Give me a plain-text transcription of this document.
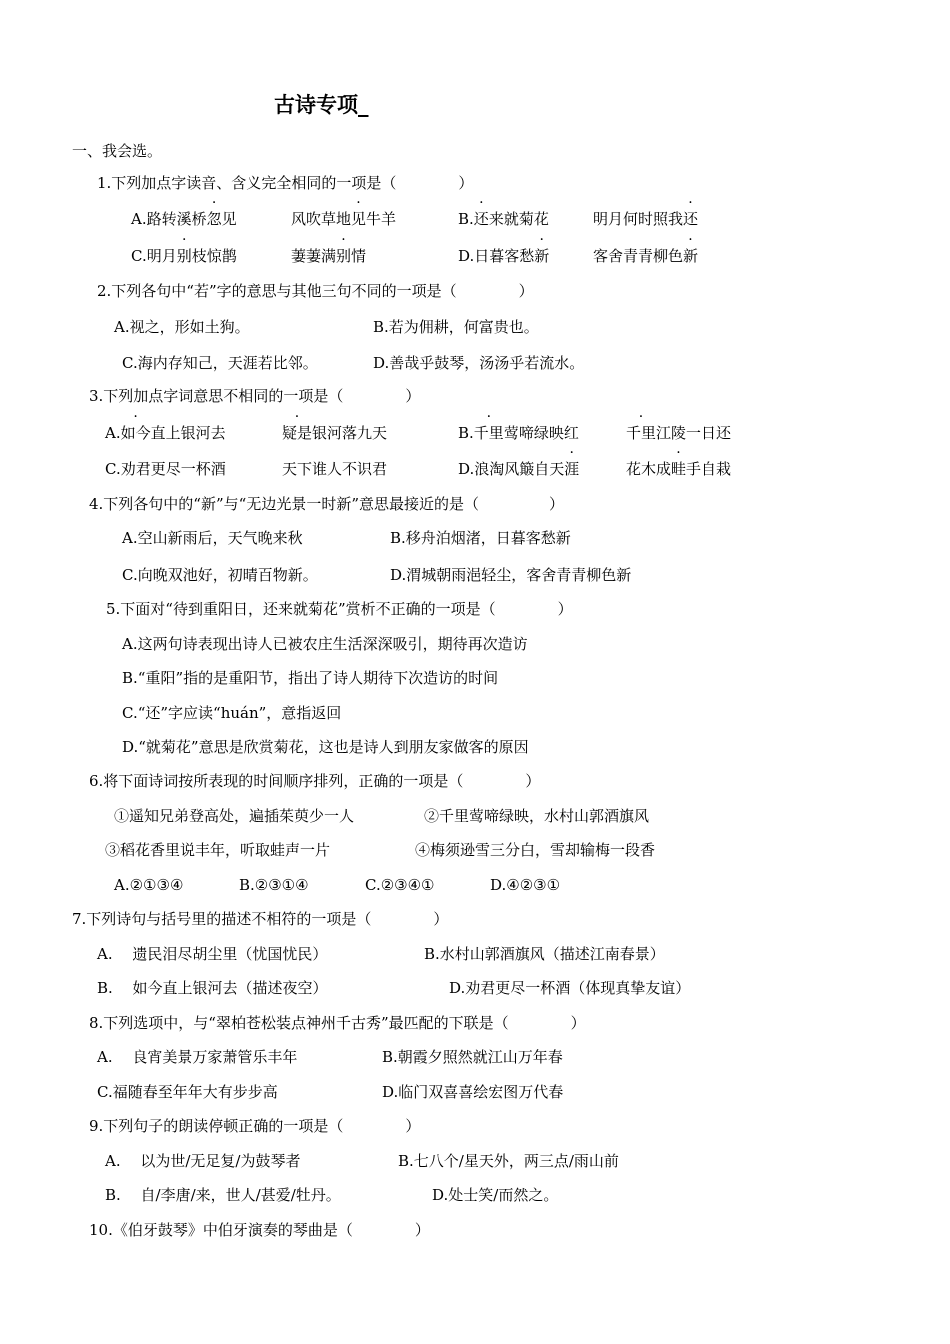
古诗专项_
一、我会选。
1.下列加点字读音、含义完全相同的一项是（	）
A.路转溪桥忽见	风吹草地见牛羊	B.还来就菊花	明月何时照我还
C.明月别枝惊鹊	萋萋满别情	D.日暮客愁新	客舍青青柳色新
2.下列各句中“若”字的意思与其他三句不同的一项是（	）
A.视之，形如土狗。	B.若为佣耕，何富贵也。
C.海内存知己，天涯若比邻。	D.善哉乎鼓琴，汤汤乎若流水。
3.下列加点字词意思不相同的一项是（	）
A.如今直上银河去	疑是银河落九天	B.千里莺啼绿映红	千里江陵一日还
C.劝君更尽一杯酒	天下谁人不识君	D.浪淘风簸自天涯	花木成畦手自栽
4.下列各句中的“新”与“无边光景一时新”意思最接近的是（	）
A.空山新雨后，天气晚来秋	B.移舟泊烟渚，日暮客愁新
C.向晚双池好，初晴百物新。	D.渭城朝雨浥轻尘，客舍青青柳色新
5.下面对“待到重阳日，还来就菊花”赏析不正确的一项是（	）
A.这两句诗表现出诗人已被农庄生活深深吸引，期待再次造访
B.“重阳”指的是重阳节，指出了诗人期待下次造访的时间
C.“还”字应读“huán”，意指返回
D.“就菊花”意思是欣赏菊花，这也是诗人到朋友家做客的原因
6.将下面诗词按所表现的时间顺序排列，正确的一项是（	）
①遥知兄弟登高处，遍插茱萸少一人	②千里莺啼绿映，水村山郭酒旗风
③稻花香里说丰年，听取蛙声一片	④梅须逊雪三分白，雪却输梅一段香
A.②①③④	B.②③①④	C.②③④①	D.④②③①
7.下列诗句与括号里的描述不相符的一项是（	）
A.　 遗民泪尽胡尘里（忧国忧民）	B.水村山郭酒旗风（描述江南春景）
B.　 如今直上银河去（描述夜空）	D.劝君更尽一杯酒（体现真挚友谊）
8.下列选项中，与“翠柏苍松装点神州千古秀”最匹配的下联是（	）
A.　 良宵美景万家萧管乐丰年	B.朝霞夕照然就江山万年春
C.福随春至年年大有步步高	D.临门双喜喜绘宏图万代春
9.下列句子的朗读停顿正确的一项是（	）
A.　 以为世/无足复/为鼓琴者	B.七八个/星天外，两三点/雨山前
B.　 自/李唐/来，世人/甚爱/牡丹。	D.处士笑/而然之。
10.《伯牙鼓琴》中伯牙演奏的琴曲是（	）
